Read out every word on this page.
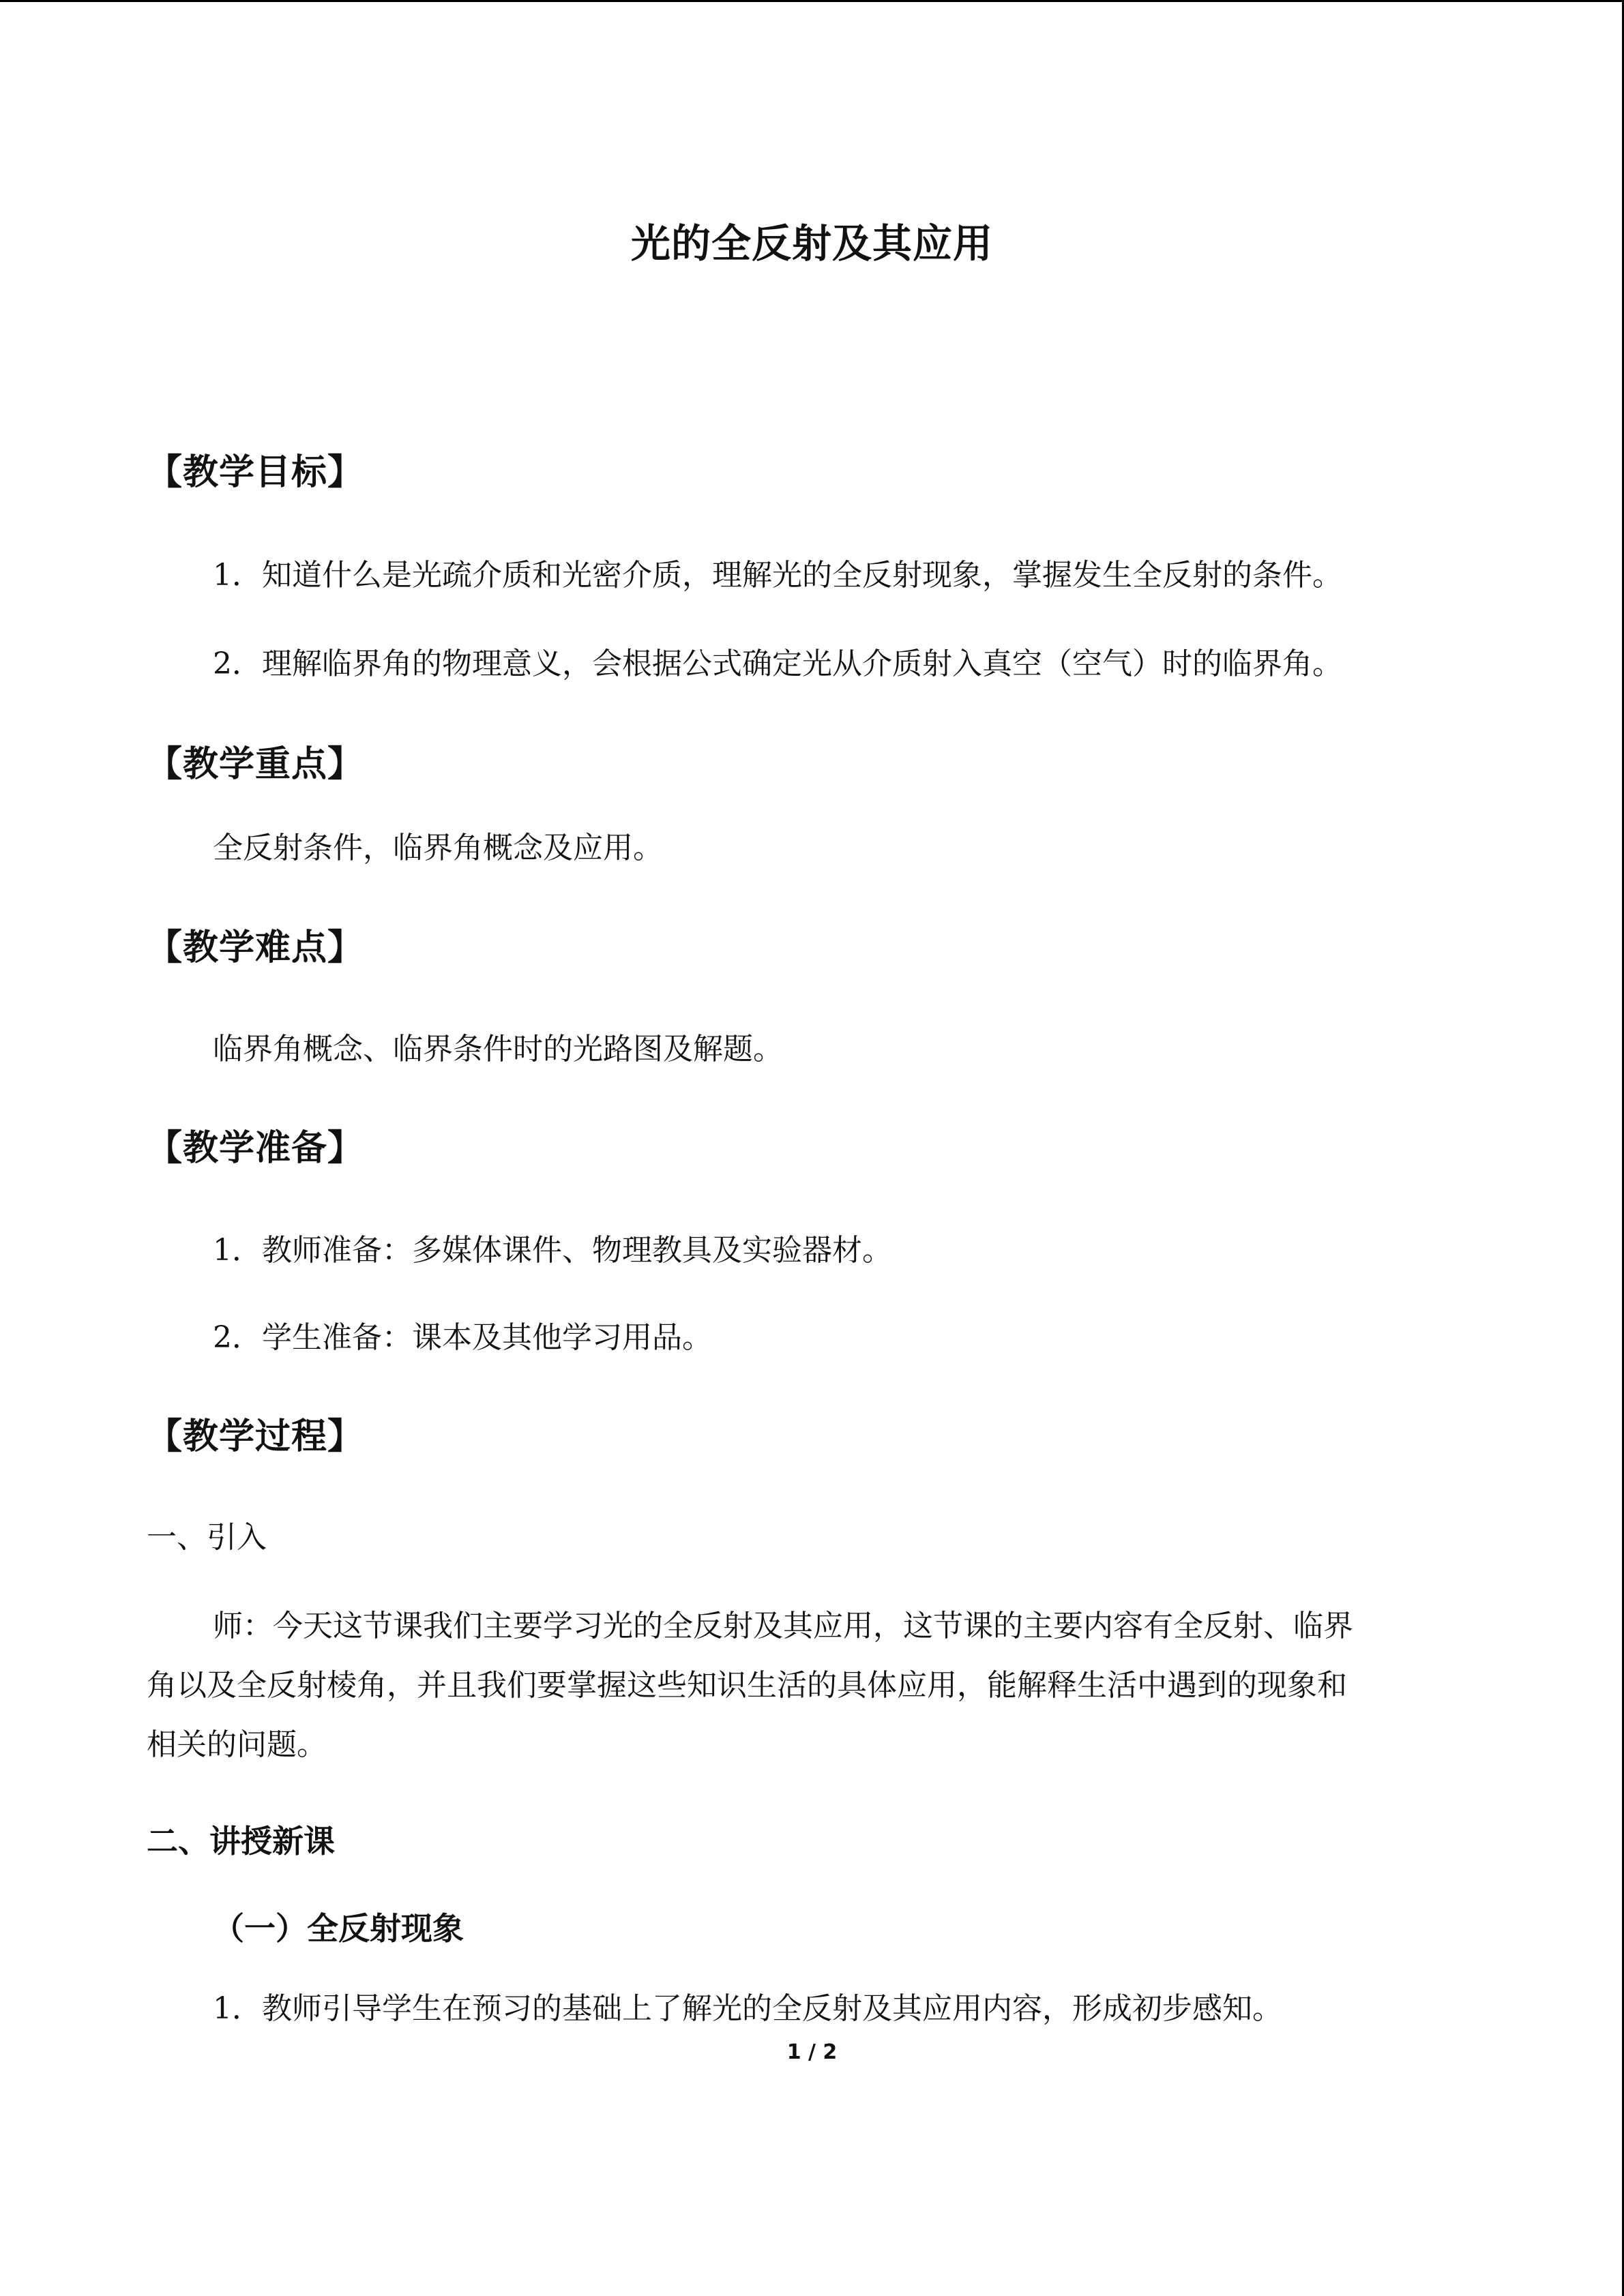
光的全反射及其应用
【教学目标】
1．知道什么是光疏介质和光密介质，理解光的全反射现象，掌握发生全反射的条件。
2．理解临界角的物理意义，会根据公式确定光从介质射入真空（空气）时的临界角。
【教学重点】
全反射条件，临界角概念及应用。
【教学难点】
临界角概念、临界条件时的光路图及解题。
【教学准备】
1．教师准备：多媒体课件、物理教具及实验器材。
2．学生准备：课本及其他学习用品。
【教学过程】
一、引入
师：今天这节课我们主要学习光的全反射及其应用，这节课的主要内容有全反射、临界
角以及全反射棱角，并且我们要掌握这些知识生活的具体应用，能解释生活中遇到的现象和
相关的问题。
二、讲授新课
（一）全反射现象
1．教师引导学生在预习的基础上了解光的全反射及其应用内容，形成初步感知。
1 / 2
